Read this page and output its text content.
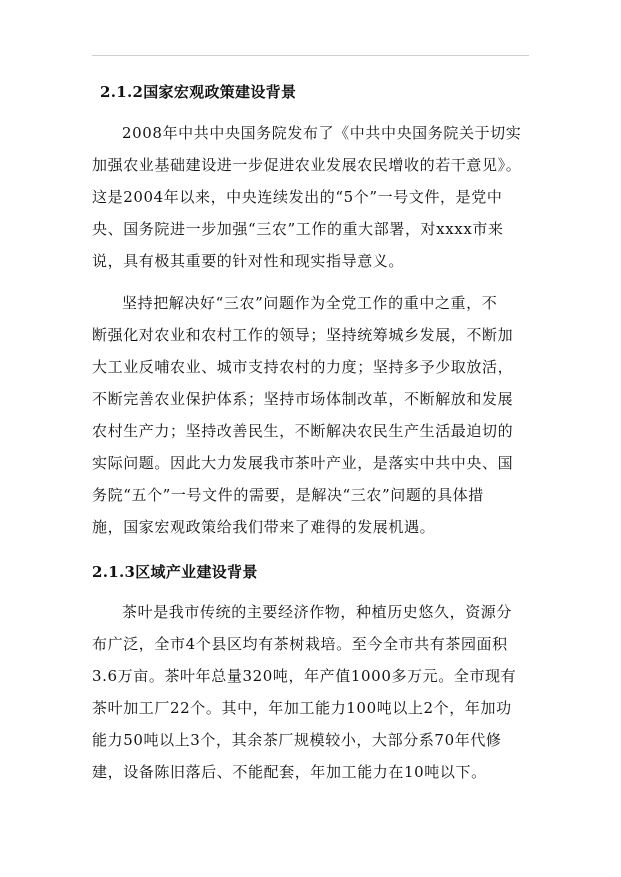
2.1.2国家宏观政策建设背景
2008年中共中央国务院发布了《中共中央国务院关于切实
加强农业基础建设进一步促进农业发展农民增收的若干意见》。
这是2004年以来，中央连续发出的“5个”一号文件，是党中
央、国务院进一步加强“三农”工作的重大部署，对xxxx市来
说，具有极其重要的针对性和现实指导意义。
坚持把解决好“三农”问题作为全党工作的重中之重，不
断强化对农业和农村工作的领导；坚持统筹城乡发展，不断加
大工业反哺农业、城市支持农村的力度；坚持多予少取放活，
不断完善农业保护体系；坚持市场体制改革，不断解放和发展
农村生产力；坚持改善民生，不断解决农民生产生活最迫切的
实际问题。因此大力发展我市茶叶产业，是落实中共中央、国
务院“五个”一号文件的需要，是解决“三农”问题的具体措
施，国家宏观政策给我们带来了难得的发展机遇。
2.1.3区域产业建设背景
茶叶是我市传统的主要经济作物，种植历史悠久，资源分
布广泛，全市4个县区均有茶树栽培。至今全市共有茶园面积
3.6万亩。茶叶年总量320吨，年产值1000多万元。全市现有
茶叶加工厂22个。其中，年加工能力100吨以上2个，年加功
能力50吨以上3个，其余茶厂规模较小，大部分系70年代修
建，设备陈旧落后、不能配套，年加工能力在10吨以下。
